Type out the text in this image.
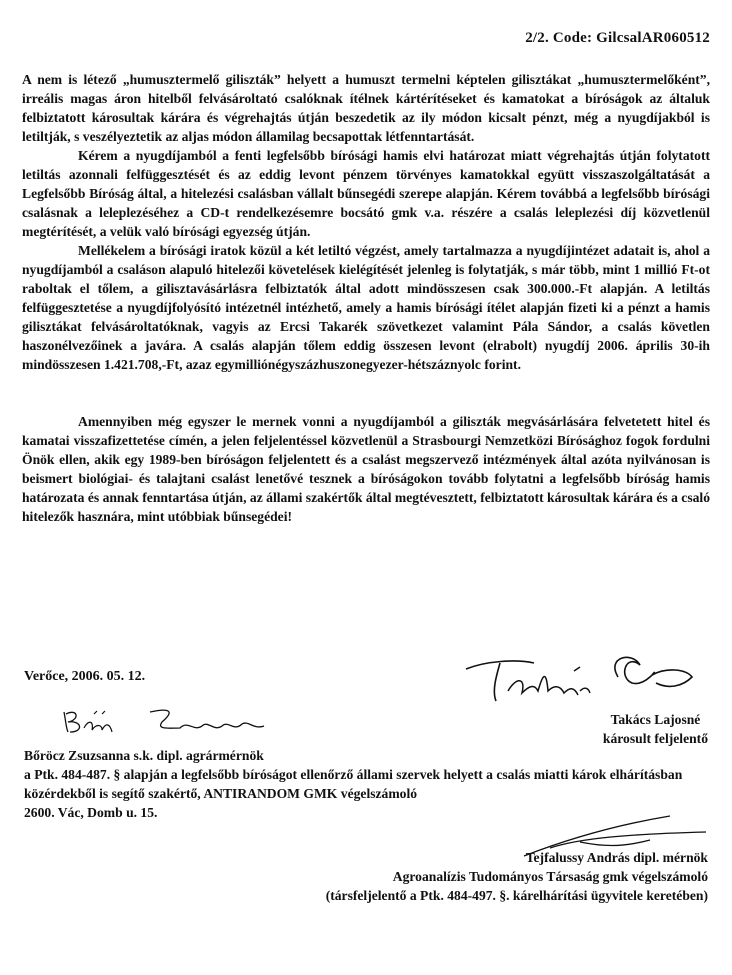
2/2. Code: GilcsalAR060512

A nem is létező „humusztermelő giliszták” helyett a humuszt termelni képtelen gilisztákat „humusztermelőként”, irreális magas áron hitelből felvásároltató csalóknak ítélnek kártérítéseket és kamatokat a bíróságok az általuk felbiztatott károsultak kárára és végrehajtás útján beszedetik az ily módon kicsalt pénzt, még a nyugdíjakból is letiltják, s veszélyeztetik az aljas módon államilag becsapottak létfenntartását.

Kérem a nyugdíjamból a fenti legfelsőbb bírósági hamis elvi határozat miatt végrehajtás útján folytatott letiltás azonnali felfüggesztését és az eddig levont pénzem törvényes kamatokkal együtt visszaszolgáltatását a Legfelsőbb Bíróság által, a hitelezési csalásban vállalt bűnsegédi szerepe alapján. Kérem továbbá a legfelsőbb bírósági csalásnak a leleplezéséhez a CD-t rendelkezésemre bocsátó gmk v.a. részére a csalás leleplezési díj közvetlenül megtérítését, a velük való bírósági egyezség útján.

Mellékelem a bírósági iratok közül a két letiltó végzést, amely tartalmazza a nyugdíjintézet adatait is, ahol a nyugdíjamból a csaláson alapuló hitelezői követelések kielégítését jelenleg is folytatják, s már több, mint 1 millió Ft-ot raboltak el tőlem, a gilisztavásárlásra felbiztatók által adott mindösszesen csak 300.000.-Ft alapján. A letiltás felfüggesztetése a nyugdíjfolyósító intézetnél intézhető, amely a hamis bírósági ítélet alapján fizeti ki a pénzt a hamis gilisztákat felvásároltatóknak, vagyis az Ercsi Takarék szövetkezet valamint Pála Sándor, a csalás követlen haszonélvezőinek a javára. A csalás alapján tőlem eddig összesen levont (elrabolt) nyugdíj 2006. április 30-ih mindösszesen 1.421.708,-Ft, azaz egymilliónégyszázhuszonegyezer-hétszáznyolc forint.

Amennyiben még egyszer le mernek vonni a nyugdíjamból a giliszták megvásárlására felvetetett hitel és kamatai visszafizettetése címén, a jelen feljelentéssel közvetlenül a Strasbourgi Nemzetközi Bírósághoz fogok fordulni Önök ellen, akik egy 1989-ben bíróságon feljelentett és a csalást megszervező intézmények által azóta nyilvánosan is beismert biológiai- és talajtani csalást lenetővé tesznek a bíróságokon tovább folytatni a legfelsőbb bíróság hamis határozata és annak fenntartása útján, az állami szakértők által megtévesztett, felbiztatott károsultak kárára és a csaló hitelezők hasznára, mint utóbbiak bűnsegédei!

Verőce, 2006. 05. 12.
Takács Lajosné
károsult feljelentő
Bőröcz Zsuzsanna s.k. dipl. agrármérnök
a Ptk. 484-487. § alapján a legfelsőbb bíróságot ellenőrző állami szervek helyett a csalás miatti károk elhárításban közérdekből is segítő szakértő, ANTIRANDOM GMK végelszámoló
2600. Vác, Domb u. 15.
Tejfalussy András dipl. mérnök
Agroanalízis Tudományos Társaság gmk végelszámoló
(társfeljelentő a Ptk. 484-497. §. kárelhárítási ügyvitele keretében)
